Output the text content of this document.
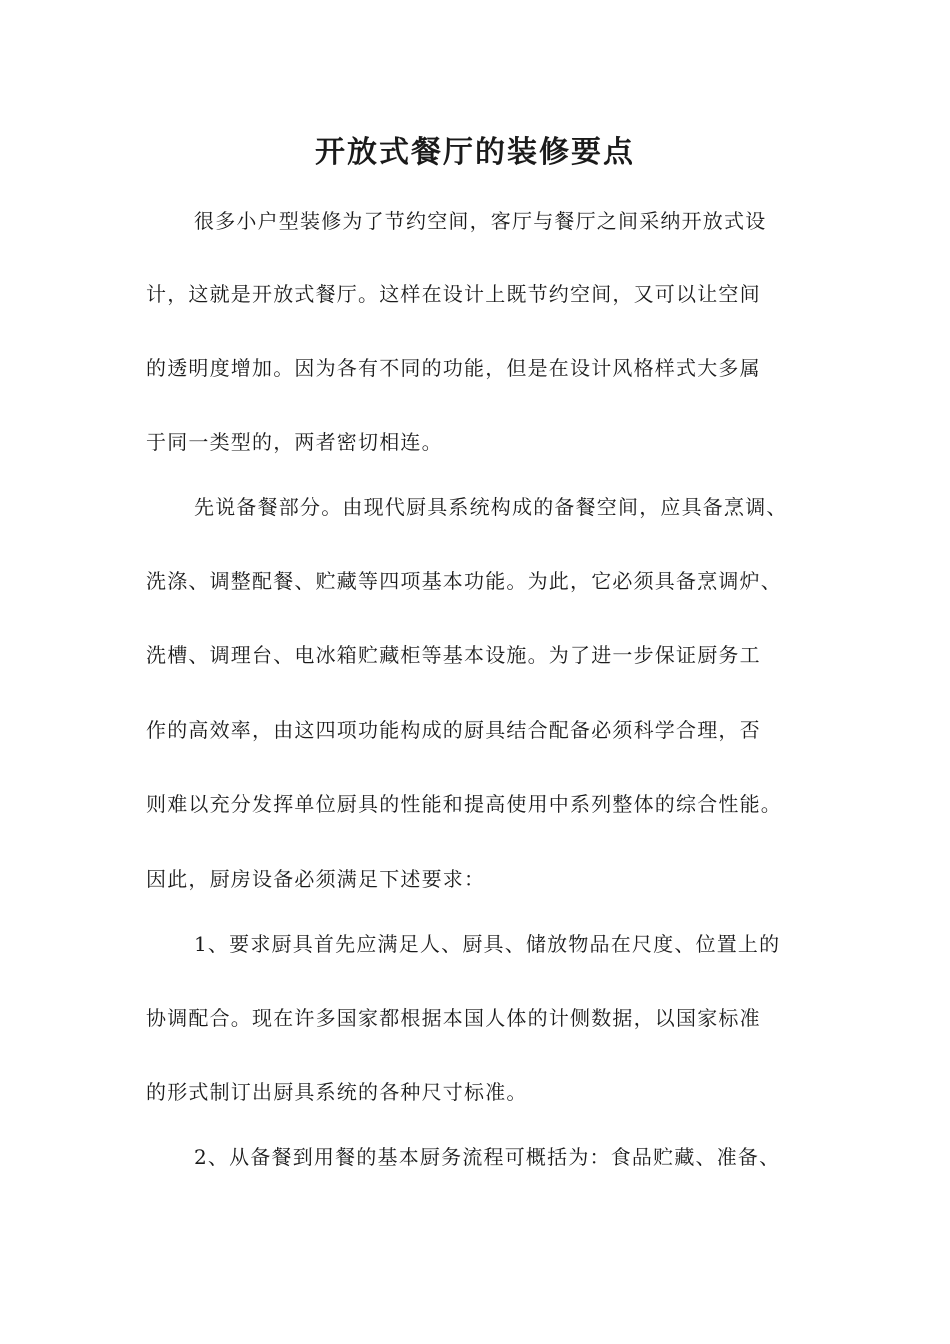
开放式餐厅的装修要点

很多小户型装修为了节约空间，客厅与餐厅之间采纳开放式设

计，这就是开放式餐厅。这样在设计上既节约空间，又可以让空间

的透明度增加。因为各有不同的功能，但是在设计风格样式大多属

于同一类型的，两者密切相连。

先说备餐部分。由现代厨具系统构成的备餐空间，应具备烹调、

洗涤、调整配餐、贮藏等四项基本功能。为此，它必须具备烹调炉、

洗槽、调理台、电冰箱贮藏柜等基本设施。为了进一步保证厨务工

作的高效率，由这四项功能构成的厨具结合配备必须科学合理，否

则难以充分发挥单位厨具的性能和提高使用中系列整体的综合性能。

因此，厨房设备必须满足下述要求：

1、要求厨具首先应满足人、厨具、储放物品在尺度、位置上的

协调配合。现在许多国家都根据本国人体的计侧数据，以国家标准

的形式制订出厨具系统的各种尺寸标准。

2、从备餐到用餐的基本厨务流程可概括为：食品贮藏、准备、
